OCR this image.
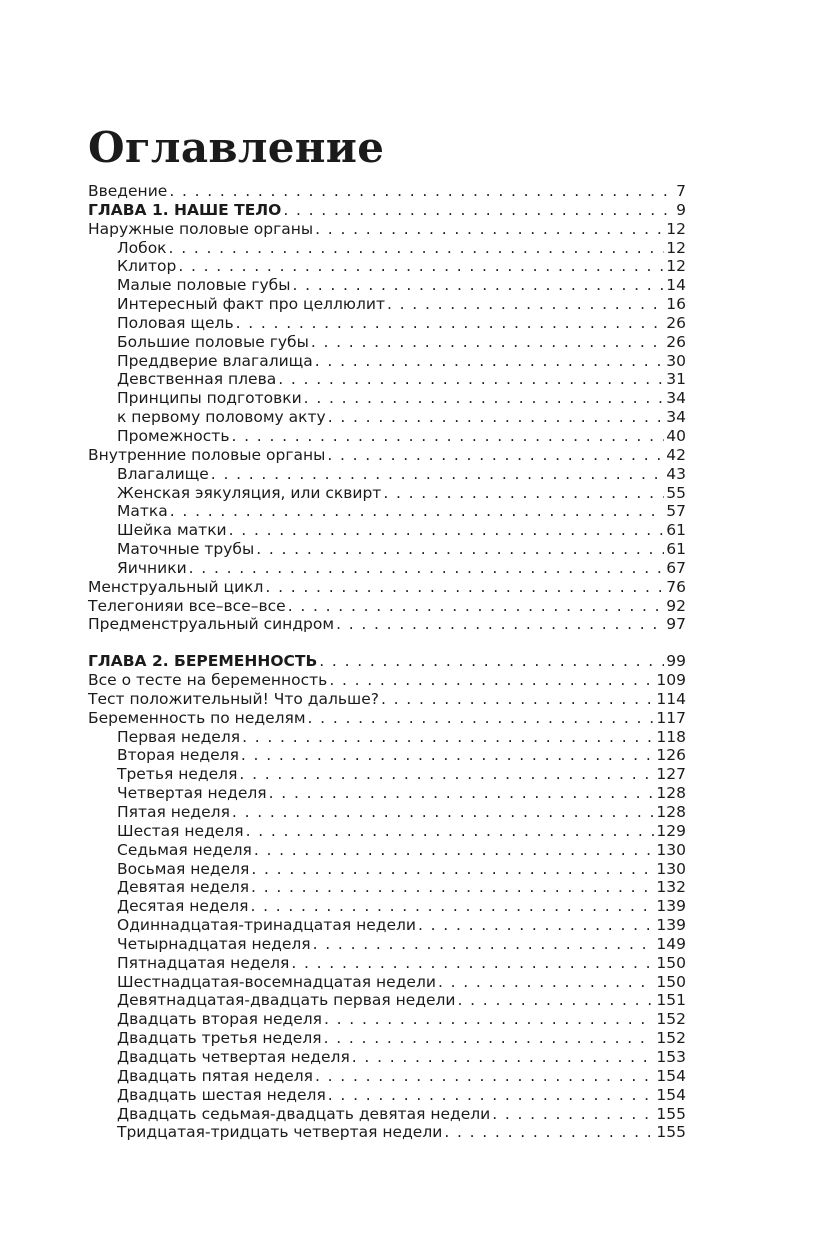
Оглавление
Введение . . .	7
ГЛАВА 1. НАШЕ ТЕЛО . . .	9
Наружные половые органы . . .	12
Лобок . . .	12
Клитор . . .	12
Малые половые губы . . .	14
Интересный факт про целлюлит . . .	16
Половая щель . . .	26
Большие половые губы . . .	26
Преддверие влагалища . . .	30
Девственная плева . . .	31
Принципы подготовки . . .	34
к первому половому акту . . .	34
Промежность . . .	40
Внутренние половые органы . . .	42
Влагалище . . .	43
Женская эякуляция, или сквирт . . .	55
Матка . . .	57
Шейка матки . . .	61
Маточные трубы . . .	61
Яичники . . .	67
Менструальный цикл . . .	76
Телегонияи все–все–все . . .	92
Предменструальный синдром . . .	97
ГЛАВА 2. БЕРЕМЕННОСТЬ . . .	99
Все о тесте на беременность . . .	109
Тест положительный! Что дальше? . . .	114
Беременность по неделям . . .	117
Первая неделя . . .	118
Вторая неделя . . .	126
Третья неделя . . .	127
Четвертая неделя . . .	128
Пятая неделя . . .	128
Шестая неделя . . .	129
Седьмая неделя . . .	130
Восьмая неделя . . .	130
Девятая неделя . . .	132
Десятая неделя . . .	139
Одиннадцатая-тринадцатая недели . . .	139
Четырнадцатая неделя . . .	149
Пятнадцатая неделя . . .	150
Шестнадцатая-восемнадцатая недели . . .	150
Девятнадцатая-двадцать первая недели . . .	151
Двадцать вторая неделя . . .	152
Двадцать третья неделя . . .	152
Двадцать четвертая неделя . . .	153
Двадцать пятая неделя . . .	154
Двадцать шестая неделя . . .	154
Двадцать седьмая-двадцать девятая недели . . .	155
Тридцатая-тридцать четвертая недели . . .	155
